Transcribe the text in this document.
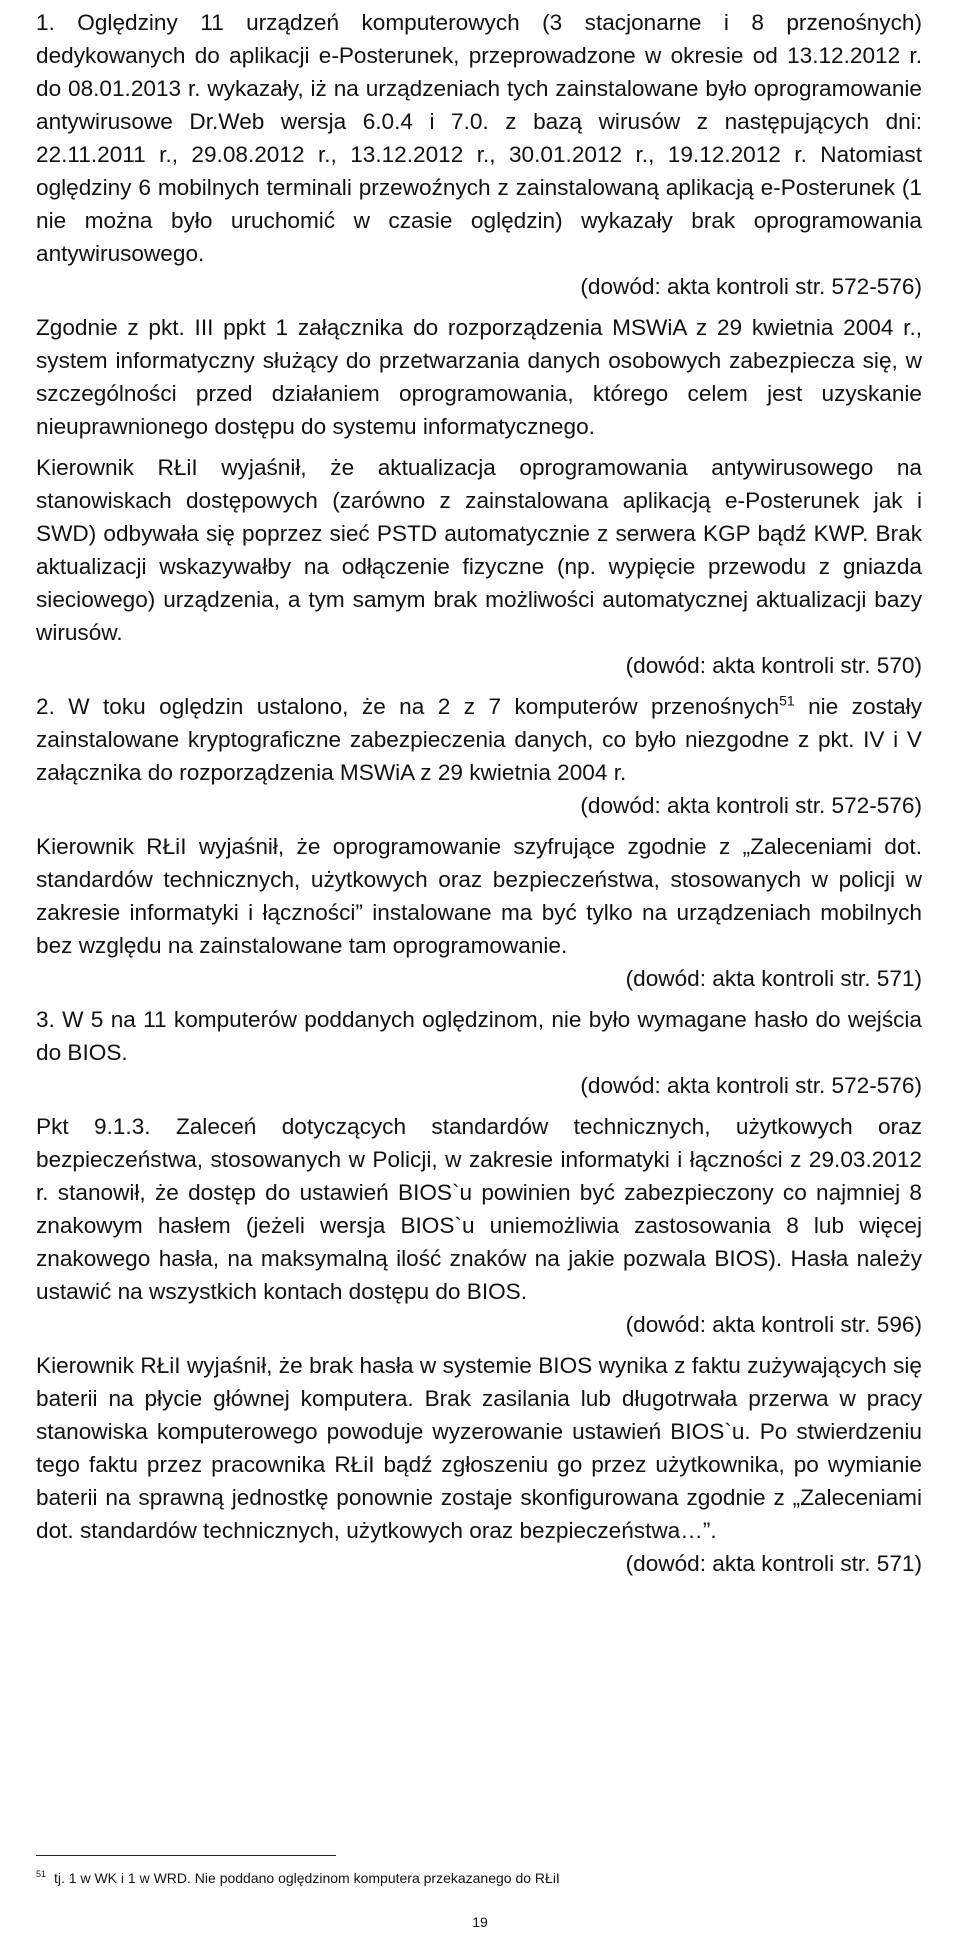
1. Oględziny 11 urządzeń komputerowych (3 stacjonarne i 8 przenośnych) dedykowanych do aplikacji e-Posterunek, przeprowadzone w okresie od 13.12.2012 r. do 08.01.2013 r. wykazały, iż na urządzeniach tych zainstalowane było oprogramowanie antywirusowe Dr.Web wersja 6.0.4 i 7.0. z bazą wirusów z następujących dni: 22.11.2011 r., 29.08.2012 r., 13.12.2012 r., 30.01.2012 r., 19.12.2012 r. Natomiast oględziny 6 mobilnych terminali przewoźnych z zainstalowaną aplikacją e-Posterunek (1 nie można było uruchomić w czasie oględzin) wykazały brak oprogramowania antywirusowego.

(dowód: akta kontroli str. 572-576)

Zgodnie z pkt. III ppkt 1 załącznika do rozporządzenia MSWiA z 29 kwietnia 2004 r., system informatyczny służący do przetwarzania danych osobowych zabezpiecza się, w szczególności przed działaniem oprogramowania, którego celem jest uzyskanie nieuprawnionego dostępu do systemu informatycznego.

Kierownik RŁiI wyjaśnił, że aktualizacja oprogramowania antywirusowego na stanowiskach dostępowych (zarówno z zainstalowana aplikacją e-Posterunek jak i SWD) odbywała się poprzez sieć PSTD automatycznie z serwera KGP bądź KWP. Brak aktualizacji wskazywałby na odłączenie fizyczne (np. wypięcie przewodu z gniazda sieciowego) urządzenia, a tym samym brak możliwości automatycznej aktualizacji bazy wirusów.

(dowód: akta kontroli str. 570)

2. W toku oględzin ustalono, że na 2 z 7 komputerów przenośnych$^{51}$ nie zostały zainstalowane kryptograficzne zabezpieczenia danych, co było niezgodne z pkt. IV i V załącznika do rozporządzenia MSWiA z 29 kwietnia 2004 r.

(dowód: akta kontroli str. 572-576)

Kierownik RŁiI wyjaśnił, że oprogramowanie szyfrujące zgodnie z „Zaleceniami dot. standardów technicznych, użytkowych oraz bezpieczeństwa, stosowanych w policji w zakresie informatyki i łączności” instalowane ma być tylko na urządzeniach mobilnych bez względu na zainstalowane tam oprogramowanie.

(dowód: akta kontroli str. 571)

3. W 5 na 11 komputerów poddanych oględzinom, nie było wymagane hasło do wejścia do BIOS.

(dowód: akta kontroli str. 572-576)

Pkt 9.1.3. Zaleceń dotyczących standardów technicznych, użytkowych oraz bezpieczeństwa, stosowanych w Policji, w zakresie informatyki i łączności z 29.03.2012 r. stanowił, że dostęp do ustawień BIOS`u powinien być zabezpieczony co najmniej 8 znakowym hasłem (jeżeli wersja BIOS`u uniemożliwia zastosowania 8 lub więcej znakowego hasła, na maksymalną ilość znaków na jakie pozwala BIOS). Hasła należy ustawić na wszystkich kontach dostępu do BIOS.

(dowód: akta kontroli str. 596)

Kierownik RŁiI wyjaśnił, że brak hasła w systemie BIOS wynika z faktu zużywających się baterii na płycie głównej komputera. Brak zasilania lub długotrwała przerwa w pracy stanowiska komputerowego powoduje wyzerowanie ustawień BIOS`u. Po stwierdzeniu tego faktu przez pracownika RŁiI bądź zgłoszeniu go przez użytkownika, po wymianie baterii na sprawną jednostkę ponownie zostaje skonfigurowana zgodnie z „Zaleceniami dot. standardów technicznych, użytkowych oraz bezpieczeństwa…”.

(dowód: akta kontroli str. 571)

$^{51}$ tj. 1 w WK i 1 w WRD. Nie poddano oględzinom komputera przekazanego do RŁiI

19
